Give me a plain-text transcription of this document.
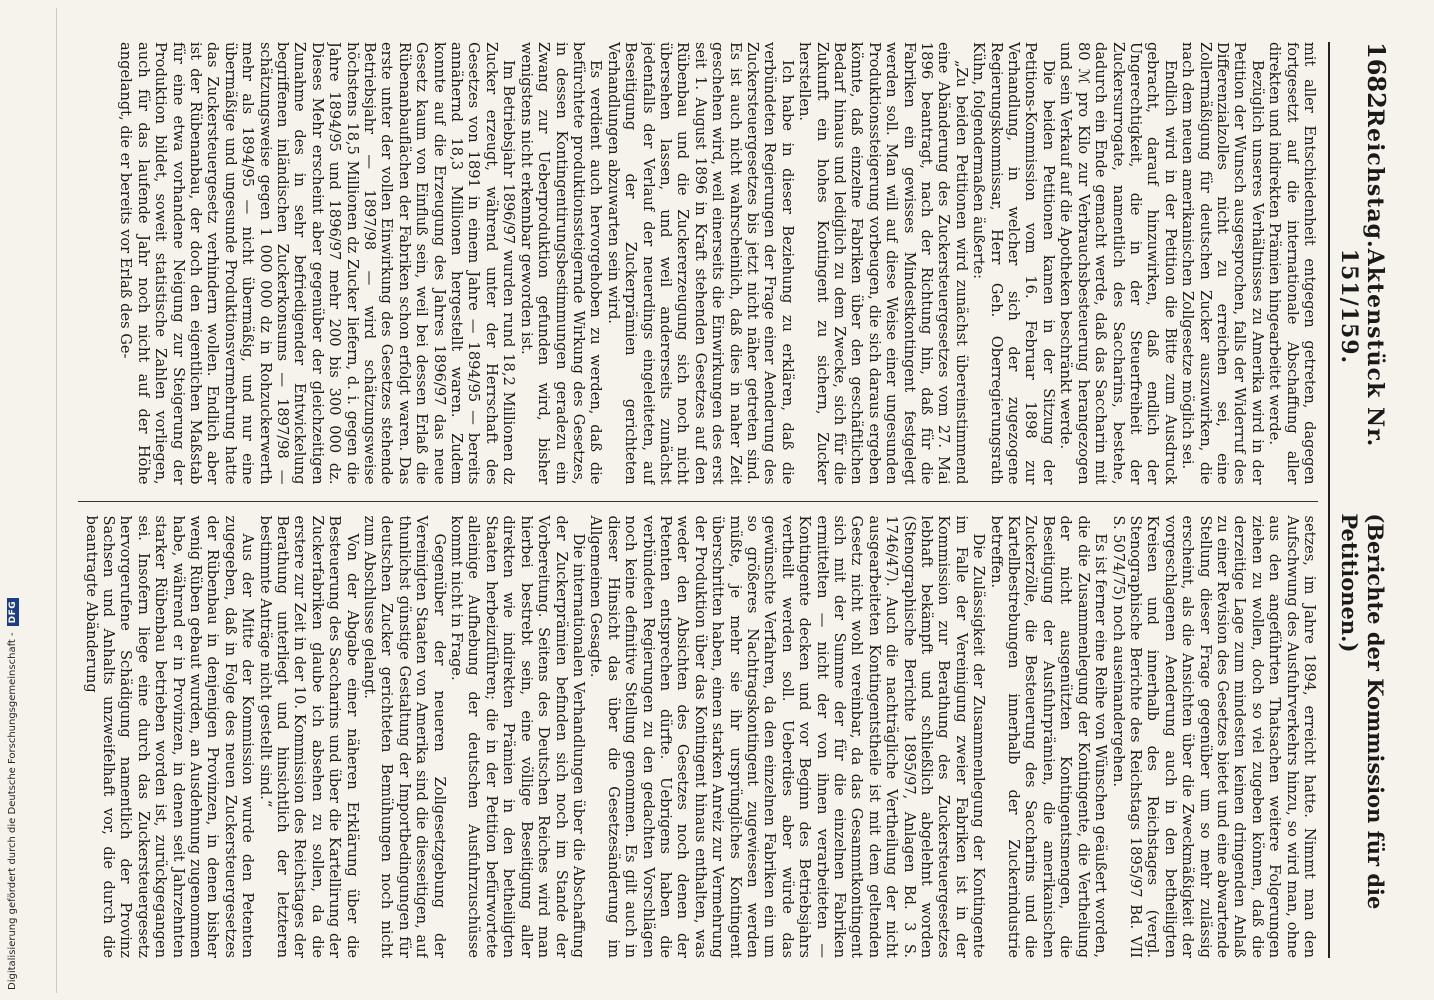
1682
Reichstag.
Aktenstück Nr. 151/159.
(Berichte der Kommission für die Petitionen.)

mit aller Entschiedenheit entgegen getreten, dagegen fortgesetzt auf die internationale Abschaffung aller direkten und indirekten Prämien hingearbeitet werde.

Bezüglich unseres Verhältnisses zu Amerika wird in der Petition der Wunsch ausgesprochen, falls der Widerruf des Differenzialzolles nicht zu erreichen sei, eine Zollermäßigung für deutschen Zucker auszuwirken, die nach dem neuen amerikanischen Zollgesetze möglich sei.

Endlich wird in der Petition die Bitte zum Ausdruck gebracht, darauf hinzuwirken, daß endlich der Ungerechtigkeit, die in der Steuerfreiheit der Zuckersurrogate, namentlich des Saccharins, bestehe, dadurch ein Ende gemacht werde, daß das Saccharin mit 80 ℳ pro Kilo zur Verbrauchsbesteuerung herangezogen und sein Verkauf auf die Apotheken beschränkt werde.

Die beiden Petitionen kamen in der Sitzung der Petitions-Kommission vom 16. Februar 1898 zur Verhandlung, in welcher sich der zugezogene Regierungskommissar, Herr Geh. Oberregierungsrath Kühn, folgendermaßen äußerte:

„Zu beiden Petitionen wird zunächst übereinstimmend eine Abänderung des Zuckersteuergesetzes vom 27. Mai 1896 beantragt, nach der Richtung hin, daß für die Fabriken ein gewisses Mindestkontingent festgelegt werden soll. Man will auf diese Weise einer ungesunden Produktionssteigerung vorbeugen, die sich daraus ergeben könnte, daß einzelne Fabriken über den geschäftlichen Bedarf hinaus und lediglich zu dem Zwecke, sich für die Zukunft ein hohes Kontingent zu sichern, Zucker herstellen.

Ich habe in dieser Beziehung zu erklären, daß die verbündeten Regierungen der Frage einer Aenderung des Zuckersteuergesetzes bis jetzt nicht näher getreten sind. Es ist auch nicht wahrscheinlich, daß dies in naher Zeit geschehen wird, weil einerseits die Einwirkungen des erst seit 1. August 1896 in Kraft stehenden Gesetzes auf den Rübenbau und die Zuckererzeugung sich noch nicht übersehen lassen, und weil andererseits zunächst jedenfalls der Verlauf der neuerdings eingeleiteten, auf Beseitigung der Zuckerprämien gerichteten Verhandlungen abzuwarten sein wird.

Es verdient auch hervorgehoben zu werden, daß die befürchtete produktionssteigernde Wirkung des Gesetzes, in dessen Kontingentirungsbestimmungen geradezu ein Zwang zur Ueberproduktion gefunden wird, bisher wenigstens nicht erkennbar geworden ist.

Im Betriebsjahr 1896/97 wurden rund 18,2 Millionen dz Zucker erzeugt, während unter der Herrschaft des Gesetzes von 1891 in einem Jahre — 1894/95 — bereits annähernd 18,3 Millionen hergestellt waren. Zudem konnte auf die Erzeugung des Jahres 1896/97 das neue Gesetz kaum von Einfluß sein, weil bei dessen Erlaß die Rübenanbauflächen der Fabriken schon erfolgt waren. Das erste unter der vollen Einwirkung des Gesetzes stehende Betriebsjahr — 1897/98 — wird schätzungsweise höchstens 18,5 Millionen dz Zucker liefern, d. i. gegen die Jahre 1894/95 und 1896/97 mehr 200 bis 300 000 dz. Dieses Mehr erscheint aber gegenüber der gleichzeitigen Zunahme des in sehr befriedigender Entwickelung begriffenen inländischen Zuckerkonsums — 1897/98 — schätzungsweise gegen 1 000 000 dz in Rohzuckerwerth mehr als 1894/95 — nicht übermäßig, und nur eine übermäßige und ungesunde Produktionsvermehrung hatte das Zuckersteuergesetz verhindern wollen. Endlich aber ist der Rübenanbau, der doch den eigentlichen Maßstab für eine etwa vorhandene Neigung zur Steigerung der Produktion bildet, soweit statistische Zahlen vorliegen, auch für das laufende Jahr noch nicht auf der Höhe angelangt, die er bereits vor Erlaß des Ge-

setzes, im Jahre 1894, erreicht hatte. Nimmt man den Aufschwung des Ausfuhrverkehrs hinzu, so wird man, ohne aus den angeführten Thatsachen weitere Folgerungen ziehen zu wollen, doch so viel zugeben können, daß die derzeitige Lage zum mindesten keinen dringenden Anlaß zu einer Revision des Gesetzes bietet und eine abwartende Stellung dieser Frage gegenüber um so mehr zulässig erscheint, als die Ansichten über die Zweckmäßigkeit der vorgeschlagenen Aenderung auch in den betheiligten Kreisen und innerhalb des Reichstages (vergl. Stenographische Berichte des Reichstags 1895/97 Bd. VII S. 5074/75) noch auseinandergehen.

Es ist ferner eine Reihe von Wünschen geäußert worden, die die Zusammenlegung der Kontingente, die Vertheilung der nicht ausgenützten Kontingentsmengen, die Beseitigung der Ausfuhrprämien, die amerikanischen Zuckerzölle, die Besteuerung des Saccharins und die Kartellbestrebungen innerhalb der Zuckerindustrie betreffen.

Die Zulässigkeit der Zusammenlegung der Kontingente im Falle der Vereinigung zweier Fabriken ist in der Kommission zur Berathung des Zuckersteuergesetzes lebhaft bekämpft und schließlich abgelehnt worden (Stenographische Berichte 1895/97, Anlagen Bd. 3 S. 1746/47). Auch die nachträgliche Vertheilung der nicht ausgearbeiteten Kontingentstheile ist mit dem geltenden Gesetz nicht wohl vereinbar, da das Gesammtkontingent sich mit der Summe der für die einzelnen Fabriken ermittelten — nicht der von ihnen verarbeiteten — Kontingente decken und vor Beginn des Betriebsjahrs vertheilt werden soll. Ueberdies aber würde das gewünschte Verfahren, da den einzelnen Fabriken ein um so größeres Nachtragskontingent zugewiesen werden müßte, je mehr sie ihr ursprüngliches Kontingent überschritten haben, einen starken Anreiz zur Vermehrung der Produktion über das Kontingent hinaus enthalten, was weder den Absichten des Gesetzes noch denen der Petenten entsprechen dürfte. Uebrigens haben die verbündeten Regierungen zu den gedachten Vorschlägen noch keine definitive Stellung genommen. Es gilt auch in dieser Hinsicht das über die Gesetzesänderung im Allgemeinen Gesagte.

Die internationalen Verhandlungen über die Abschaffung der Zuckerprämien befinden sich noch im Stande der Vorbereitung. Seitens des Deutschen Reiches wird man hierbei bestrebt sein, eine völlige Beseitigung aller direkten wie indirekten Prämien in den betheiligten Staaten herbeizuführen; die in der Petition befürwortete alleinige Aufhebung der deutschen Ausfuhrzuschüsse kommt nicht in Frage.

Gegenüber der neueren Zollgesetzgebung der Vereinigten Staaten von Amerika sind die diesseitigen, auf thunlichst günstige Gestaltung der Importbedingungen für deutschen Zucker gerichteten Bemühungen noch nicht zum Abschlusse gelangt.

Von der Abgabe einer näheren Erklärung über die Besteuerung des Saccharins und über die Kartellirung der Zuckerfabriken glaube ich absehen zu sollen, da die erstere zur Zeit in der 10. Kommission des Reichstages der Berathung unterliegt und hinsichtlich der letzteren bestimmte Anträge nicht gestellt sind.“

Aus der Mitte der Kommission wurde den Petenten zugegeben, daß in Folge des neuen Zuckersteuergesetzes der Rübenbau in denjenigen Provinzen, in denen bisher wenig Rüben gebaut wurden, an Ausdehnung zugenommen habe, während er in Provinzen, in denen seit Jahrzehnten starker Rübenbau betrieben worden ist, zurückgegangen sei. Insofern liege eine durch das Zuckersteuergesetz hervorgerufene Schädigung namentlich der Provinz Sachsen und Anhalts unzweifelhaft vor, die durch die beantragte Abänderung

Digitalisierung gefördert durch die Deutsche Forschungsgemeinschaft -
DFG
